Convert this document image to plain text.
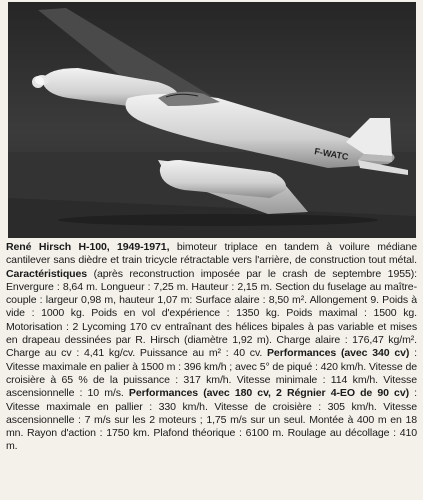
F-WATC
René Hirsch H-100, 1949-1971, bimoteur triplace en tandem à voilure médiane cantilever sans dièdre et train tricycle rétractable vers l'arrière, de construction tout métal. Caractéristiques (après reconstruction imposée par le crash de septembre 1955): Envergure : 8,64 m. Longueur : 7,25 m. Hauteur : 2,15 m. Section du fuselage au maître-couple : largeur 0,98 m, hauteur 1,07 m: Surface alaire : 8,50 m². Allongement 9. Poids à vide : 1000 kg. Poids en vol d'expérience : 1350 kg. Poids maximal : 1500 kg. Motorisation : 2 Lycoming 170 cv entraînant des hélices bipales à pas variable et mises en drapeau dessinées par R. Hirsch (diamètre 1,92 m). Charge alaire : 176,47 kg/m². Charge au cv : 4,41 kg/cv. Puissance au m² : 40 cv. Performances (avec 340 cv) : Vitesse maximale en palier à 1500 m : 396 km/h ; avec 5° de piqué : 420 km/h. Vitesse de croisière à 65 % de la puissance : 317 km/h. Vitesse minimale : 114 km/h. Vitesse ascensionnelle : 10 m/s. Performances (avec 180 cv, 2 Régnier 4-EO de 90 cv) : Vitesse maximale en pallier : 330 km/h. Vitesse de croisière : 305 km/h. Vitesse ascensionnelle : 7 m/s sur les 2 moteurs ; 1,75 m/s sur un seul. Montée à 400 m en 18 mn. Rayon d'action : 1750 km. Plafond théorique : 6100 m. Roulage au décollage : 410 m.
